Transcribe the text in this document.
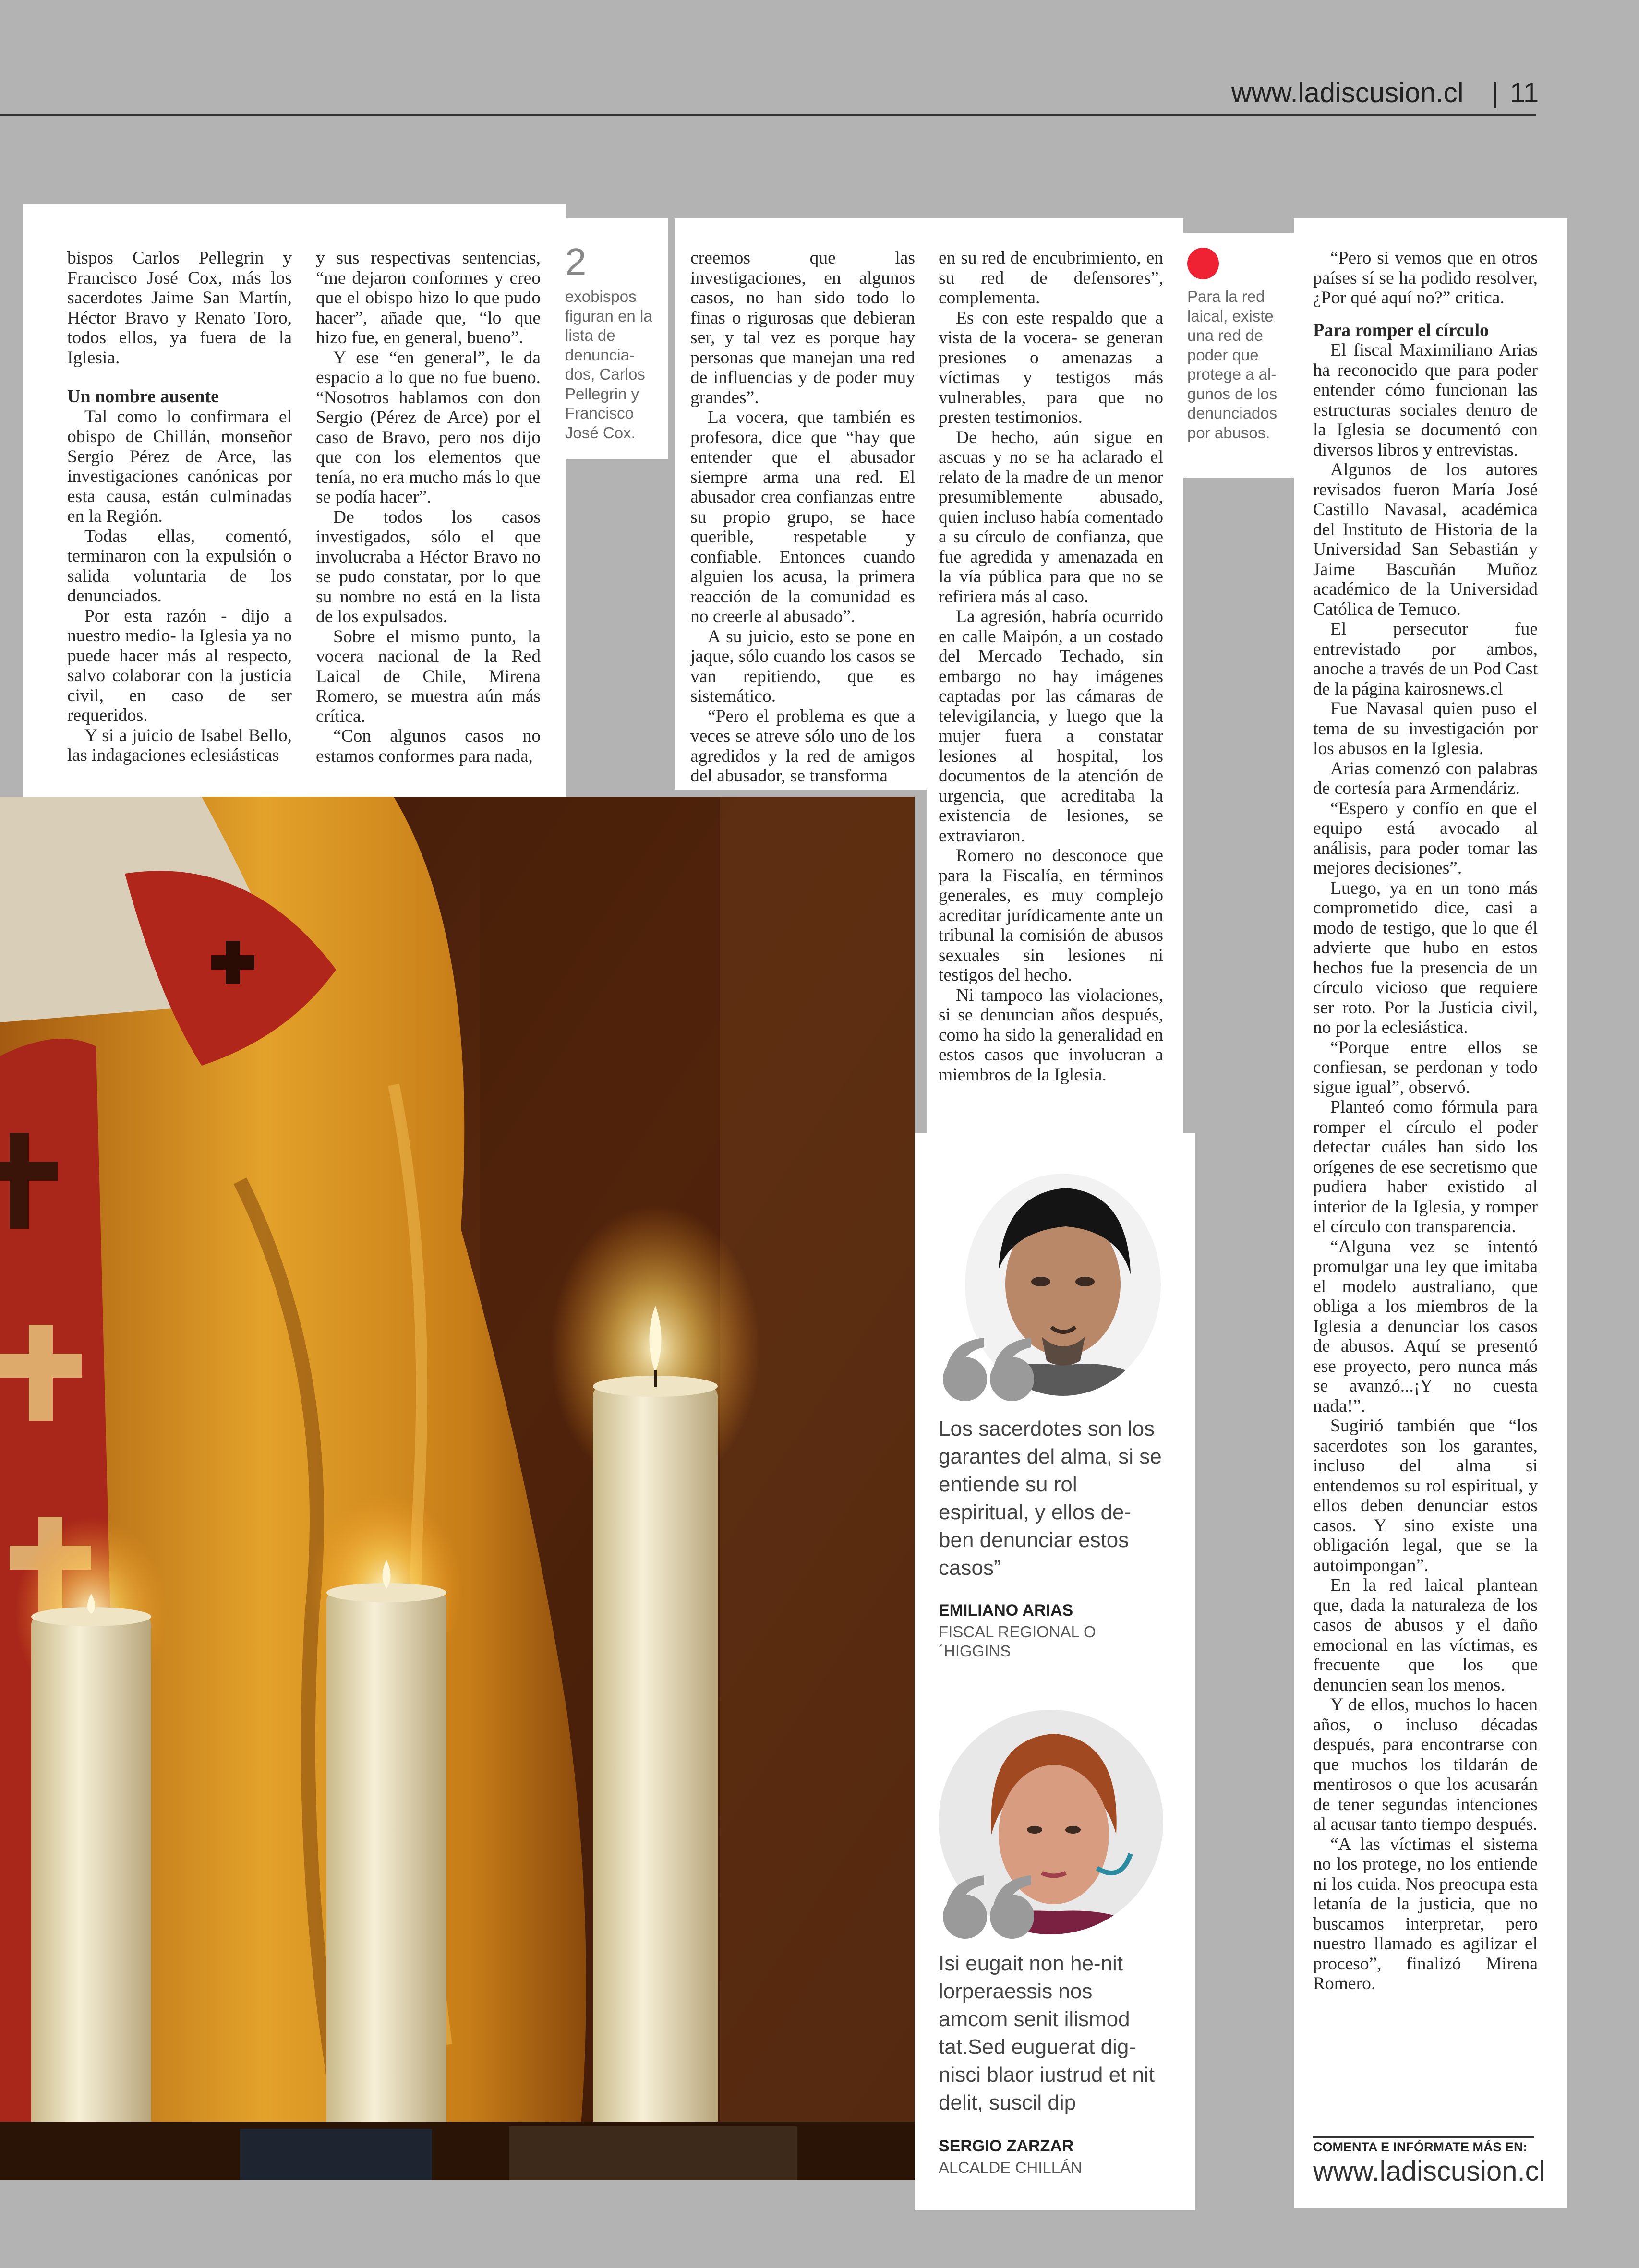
www.ladiscusion.cl 11

bispos Carlos Pellegrin y Francisco José Cox, más los sacerdotes Jaime San Martín, Héctor Bravo y Renato Toro, todos ellos, ya fuera de la Iglesia.

Un nombre ausente

Tal como lo confirmara el obispo de Chillán, monseñor Sergio Pérez de Arce, las investigaciones canónicas por esta causa, están culminadas en la Región.

Todas ellas, comentó, terminaron con la expulsión o salida voluntaria de los denunciados.

Por esta razón - dijo a nuestro medio- la Iglesia ya no puede hacer más al respecto, salvo colaborar con la justicia civil, en caso de ser requeridos.

Y si a juicio de Isabel Bello, las indagaciones eclesiásticas

y sus respectivas sentencias, “me dejaron conformes y creo que el obispo hizo lo que pudo hacer”, añade que, “lo que hizo fue, en general, bueno”.

Y ese “en general”, le da espacio a lo que no fue bueno. “Nosotros hablamos con don Sergio (Pérez de Arce) por el caso de Bravo, pero nos dijo que con los elementos que tenía, no era mucho más lo que se podía hacer”.

De todos los casos investigados, sólo el que involucraba a Héctor Bravo no se pudo constatar, por lo que su nombre no está en la lista de los expulsados.

Sobre el mismo punto, la vocera nacional de la Red Laical de Chile, Mirena Romero, se muestra aún más crítica.

“Con algunos casos no estamos conformes para nada,

creemos que las investigaciones, en algunos casos, no han sido todo lo finas o rigurosas que debieran ser, y tal vez es porque hay personas que manejan una red de influencias y de poder muy grandes”.

La vocera, que también es profesora, dice que “hay que entender que el abusador siempre arma una red. El abusador crea confianzas entre su propio grupo, se hace querible, respetable y confiable. Entonces cuando alguien los acusa, la primera reacción de la comunidad es no creerle al abusado”.

A su juicio, esto se pone en jaque, sólo cuando los casos se van repitiendo, que es sistemático.

“Pero el problema es que a veces se atreve sólo uno de los agredidos y la red de amigos del abusador, se transforma

en su red de encubrimiento, en su red de defensores”, complementa.

Es con este respaldo que a vista de la vocera- se generan presiones o amenazas a víctimas y testigos más vulnerables, para que no presten testimonios.

De hecho, aún sigue en ascuas y no se ha aclarado el relato de la madre de un menor presumiblemente abusado, quien incluso había comentado a su círculo de confianza, que fue agredida y amenazada en la vía pública para que no se refiriera más al caso.

La agresión, habría ocurrido en calle Maipón, a un costado del Mercado Techado, sin embargo no hay imágenes captadas por las cámaras de televigilancia, y luego que la mujer fuera a constatar lesiones al hospital, los documentos de la atención de urgencia, que acreditaba la existencia de lesiones, se extraviaron.

Romero no desconoce que para la Fiscalía, en términos generales, es muy complejo acreditar jurídicamente ante un tribunal la comisión de abusos sexuales sin lesiones ni testigos del hecho.

Ni tampoco las violaciones, si se denuncian años después, como ha sido la generalidad en estos casos que involucran a miembros de la Iglesia.

“Pero si vemos que en otros países sí se ha podido resolver, ¿Por qué aquí no?” critica.

Para romper el círculo

El fiscal Maximiliano Arias ha reconocido que para poder entender cómo funcionan las estructuras sociales dentro de la Iglesia se documentó con diversos libros y entrevistas.

Algunos de los autores revisados fueron María José Castillo Navasal, académica del Instituto de Historia de la Universidad San Sebastián y Jaime Bascuñán Muñoz académico de la Universidad Católica de Temuco.

El persecutor fue entrevistado por ambos, anoche a través de un Pod Cast de la página kairosnews.cl

Fue Navasal quien puso el tema de su investigación por los abusos en la Iglesia.

Arias comenzó con palabras de cortesía para Armendáriz.

“Espero y confío en que el equipo está avocado al análisis, para poder tomar las mejores decisiones”.

Luego, ya en un tono más comprometido dice, casi a modo de testigo, que lo que él advierte que hubo en estos hechos fue la presencia de un círculo vicioso que requiere ser roto. Por la Justicia civil, no por la eclesiástica.

“Porque entre ellos se confiesan, se perdonan y todo sigue igual”, observó.

Planteó como fórmula para romper el círculo el poder detectar cuáles han sido los orígenes de ese secretismo que pudiera haber existido al interior de la Iglesia, y romper el círculo con transparencia.

“Alguna vez se intentó promulgar una ley que imitaba el modelo australiano, que obliga a los miembros de la Iglesia a denunciar los casos de abusos. Aquí se presentó ese proyecto, pero nunca más se avanzó...¡Y no cuesta nada!”.

Sugirió también que “los sacerdotes son los garantes, incluso del alma si entendemos su rol espiritual, y ellos deben denunciar estos casos. Y sino existe una obligación legal, que se la autoimpongan”.

En la red laical plantean que, dada la naturaleza de los casos de abusos y el daño emocional en las víctimas, es frecuente que los que denuncien sean los menos.

Y de ellos, muchos lo hacen años, o incluso décadas después, para encontrarse con que muchos los tildarán de mentirosos o que los acusarán de tener segundas intenciones al acusar tanto tiempo después.

“A las víctimas el sistema no los protege, no los entiende ni los cuida. Nos preocupa esta letanía de la justicia, que no buscamos interpretar, pero nuestro llamado es agilizar el proceso”, finalizó Mirena Romero.

2
exobispos figuran en la lista de denuncia-dos, Carlos Pellegrin y Francisco José Cox.
Para la red laical, existe una red de poder que protege a al-gunos de los denunciados por abusos.
Los sacerdotes son los garantes del alma, si se entiende su rol espiritual, y ellos de-ben denunciar estos casos”
EMILIANO ARIAS
FISCAL REGIONAL O´HIGGINS
Isi eugait non he-nit lorperaessis nos amcom senit ilismod tat.Sed euguerat dig-nisci blaor iustrud et nit delit, suscil dip
SERGIO ZARZAR
ALCALDE CHILLÁN
COMENTA E INFÓRMATE MÁS EN:
www.ladiscusion.cl
